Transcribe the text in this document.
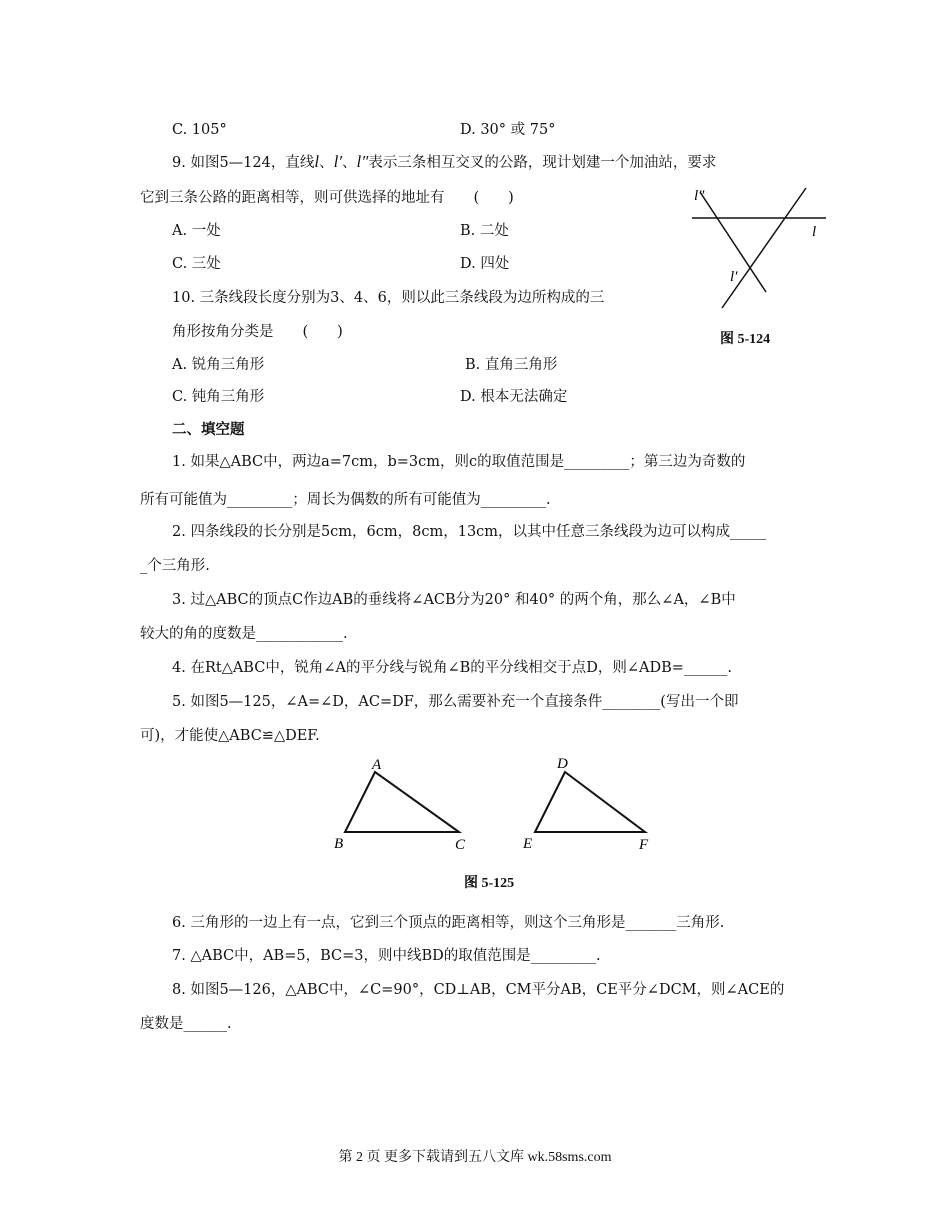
C. 105°	D. 30° 或 75°
9. 如图5—124，直线l、l′、l″表示三条相互交叉的公路，现计划建一个加油站，要求
它到三条公路的距离相等，则可供选择的地址有　　(　　)
A. 一处	B. 二处
C. 三处	D. 四处
l″
l
l′
图 5-124
10. 三条线段长度分别为3、4、6，则以此三条线段为边所构成的三
角形按角分类是　　(　　)
A. 锐角三角形	B. 直角三角形
C. 钝角三角形	D. 根本无法确定
二、填空题
1. 如果△ABC中，两边a=7cm，b=3cm，则c的取值范围是_________；第三边为奇数的
所有可能值为_________；周长为偶数的所有可能值为_________.
2. 四条线段的长分别是5cm，6cm，8cm，13cm，以其中任意三条线段为边可以构成_____
_个三角形.
3. 过△ABC的顶点C作边AB的垂线将∠ACB分为20° 和40° 的两个角，那么∠A，∠B中
较大的角的度数是____________.
4. 在Rt△ABC中，锐角∠A的平分线与锐角∠B的平分线相交于点D，则∠ADB=______.
5. 如图5—125，∠A=∠D，AC=DF，那么需要补充一个直接条件________(写出一个即
可)，才能使△ABC≌△DEF.
A
B	C
D
E	F
图 5-125
6. 三角形的一边上有一点，它到三个顶点的距离相等，则这个三角形是_______三角形.
7. △ABC中，AB=5，BC=3，则中线BD的取值范围是_________.
8. 如图5—126，△ABC中，∠C=90°，CD⊥AB，CM平分AB，CE平分∠DCM，则∠ACE的
度数是______.
第 2 页 更多下载请到五八文库 wk.58sms.com
